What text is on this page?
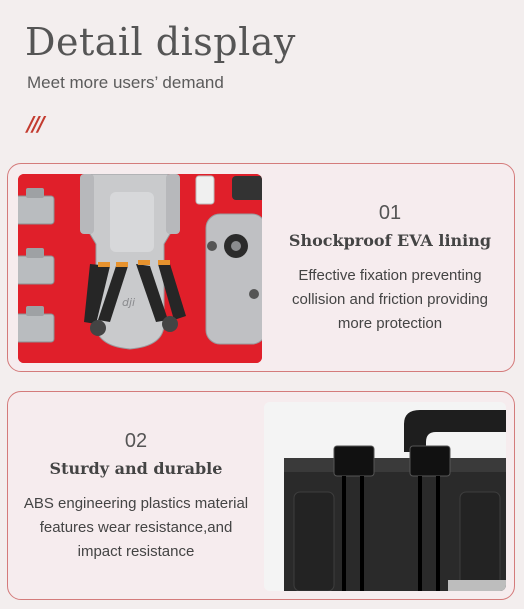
Detail display

Meet more users’ demand

///
dji
01
Shockproof EVA lining
Effective fixation preventing
collision and friction providing
more protection
02
Sturdy and durable
ABS engineering plastics material
features wear resistance,and
impact resistance
